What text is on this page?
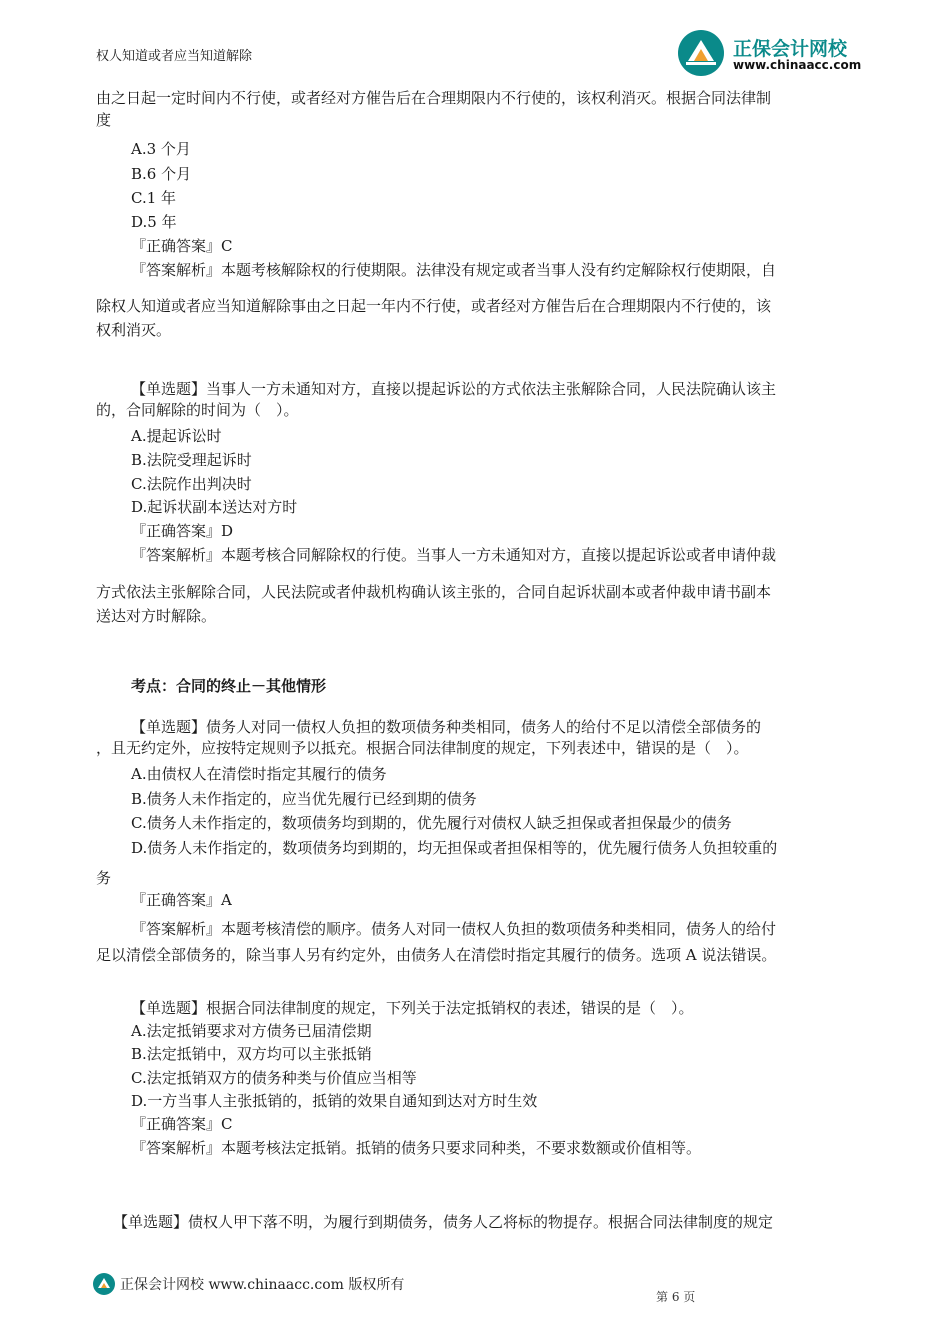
权人知道或者应当知道解除	正保会计网校
www.chinaacc.com
由之日起一定时间内不行使，或者经对方催告后在合理期限内不行使的，该权利消灭。根据合同法律制
度
A.3 个月
B.6 个月
C.1 年
D.5 年
『正确答案』C
『答案解析』本题考核解除权的行使期限。法律没有规定或者当事人没有约定解除权行使期限，自
除权人知道或者应当知道解除事由之日起一年内不行使，或者经对方催告后在合理期限内不行使的，该
权利消灭。
【单选题】当事人一方未通知对方，直接以提起诉讼的方式依法主张解除合同，人民法院确认该主
的，合同解除的时间为（　）。
A.提起诉讼时
B.法院受理起诉时
C.法院作出判决时
D.起诉状副本送达对方时
『正确答案』D
『答案解析』本题考核合同解除权的行使。当事人一方未通知对方，直接以提起诉讼或者申请仲裁
方式依法主张解除合同，人民法院或者仲裁机构确认该主张的，合同自起诉状副本或者仲裁申请书副本
送达对方时解除。
考点：合同的终止－其他情形
【单选题】债务人对同一债权人负担的数项债务种类相同，债务人的给付不足以清偿全部债务的
，且无约定外，应按特定规则予以抵充。根据合同法律制度的规定，下列表述中，错误的是（　）。
A.由债权人在清偿时指定其履行的债务
B.债务人未作指定的，应当优先履行已经到期的债务
C.债务人未作指定的，数项债务均到期的，优先履行对债权人缺乏担保或者担保最少的债务
D.债务人未作指定的，数项债务均到期的，均无担保或者担保相等的，优先履行债务人负担较重的
务
『正确答案』A
『答案解析』本题考核清偿的顺序。债务人对同一债权人负担的数项债务种类相同，债务人的给付
足以清偿全部债务的，除当事人另有约定外，由债务人在清偿时指定其履行的债务。选项 A 说法错误。
【单选题】根据合同法律制度的规定，下列关于法定抵销权的表述，错误的是（　）。
A.法定抵销要求对方债务已届清偿期
B.法定抵销中，双方均可以主张抵销
C.法定抵销双方的债务种类与价值应当相等
D.一方当事人主张抵销的，抵销的效果自通知到达对方时生效
『正确答案』C
『答案解析』本题考核法定抵销。抵销的债务只要求同种类，不要求数额或价值相等。
【单选题】债权人甲下落不明，为履行到期债务，债务人乙将标的物提存。根据合同法律制度的规定
正保会计网校 www.chinaacc.com 版权所有
第 6 页
